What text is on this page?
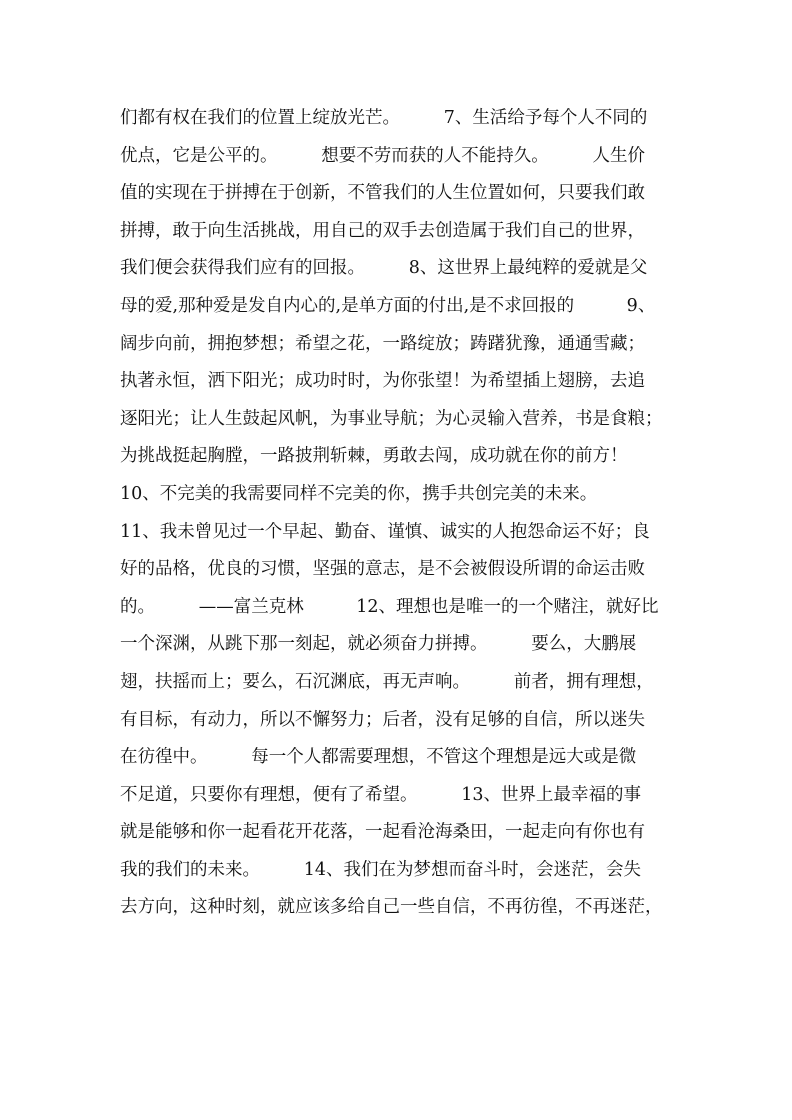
们都有权在我们的位置上绽放光芒。　　　7、生活给予每个人不同的
优点，它是公平的。　　　想要不劳而获的人不能持久。　　　人生价
值的实现在于拼搏在于创新，不管我们的人生位置如何，只要我们敢
拼搏，敢于向生活挑战，用自己的双手去创造属于我们自己的世界，
我们便会获得我们应有的回报。　　　8、这世界上最纯粹的爱就是父
母的爱,那种爱是发自内心的,是单方面的付出,是不求回报的　　　9、
阔步向前，拥抱梦想；希望之花，一路绽放；踌躇犹豫，通通雪藏；
执著永恒，洒下阳光；成功时时，为你张望！为希望插上翅膀，去追
逐阳光；让人生鼓起风帆，为事业导航；为心灵输入营养，书是食粮；
为挑战挺起胸膛，一路披荆斩棘，勇敢去闯，成功就在你的前方！
10、不完美的我需要同样不完美的你，携手共创完美的未来。
11、我未曾见过一个早起、勤奋、谨慎、诚实的人抱怨命运不好；良
好的品格，优良的习惯，坚强的意志，是不会被假设所谓的命运击败
的。　　　——富兰克林　　　12、理想也是唯一的一个赌注，就好比
一个深渊，从跳下那一刻起，就必须奋力拼搏。　　　要么，大鹏展
翅，扶摇而上；要么，石沉渊底，再无声响。　　　前者，拥有理想，
有目标，有动力，所以不懈努力；后者，没有足够的自信，所以迷失
在彷徨中。　　　每一个人都需要理想，不管这个理想是远大或是微
不足道，只要你有理想，便有了希望。　　　13、世界上最幸福的事
就是能够和你一起看花开花落，一起看沧海桑田，一起走向有你也有
我的我们的未来。　　　14、我们在为梦想而奋斗时，会迷茫，会失
去方向，这种时刻，就应该多给自己一些自信，不再彷徨，不再迷茫，
